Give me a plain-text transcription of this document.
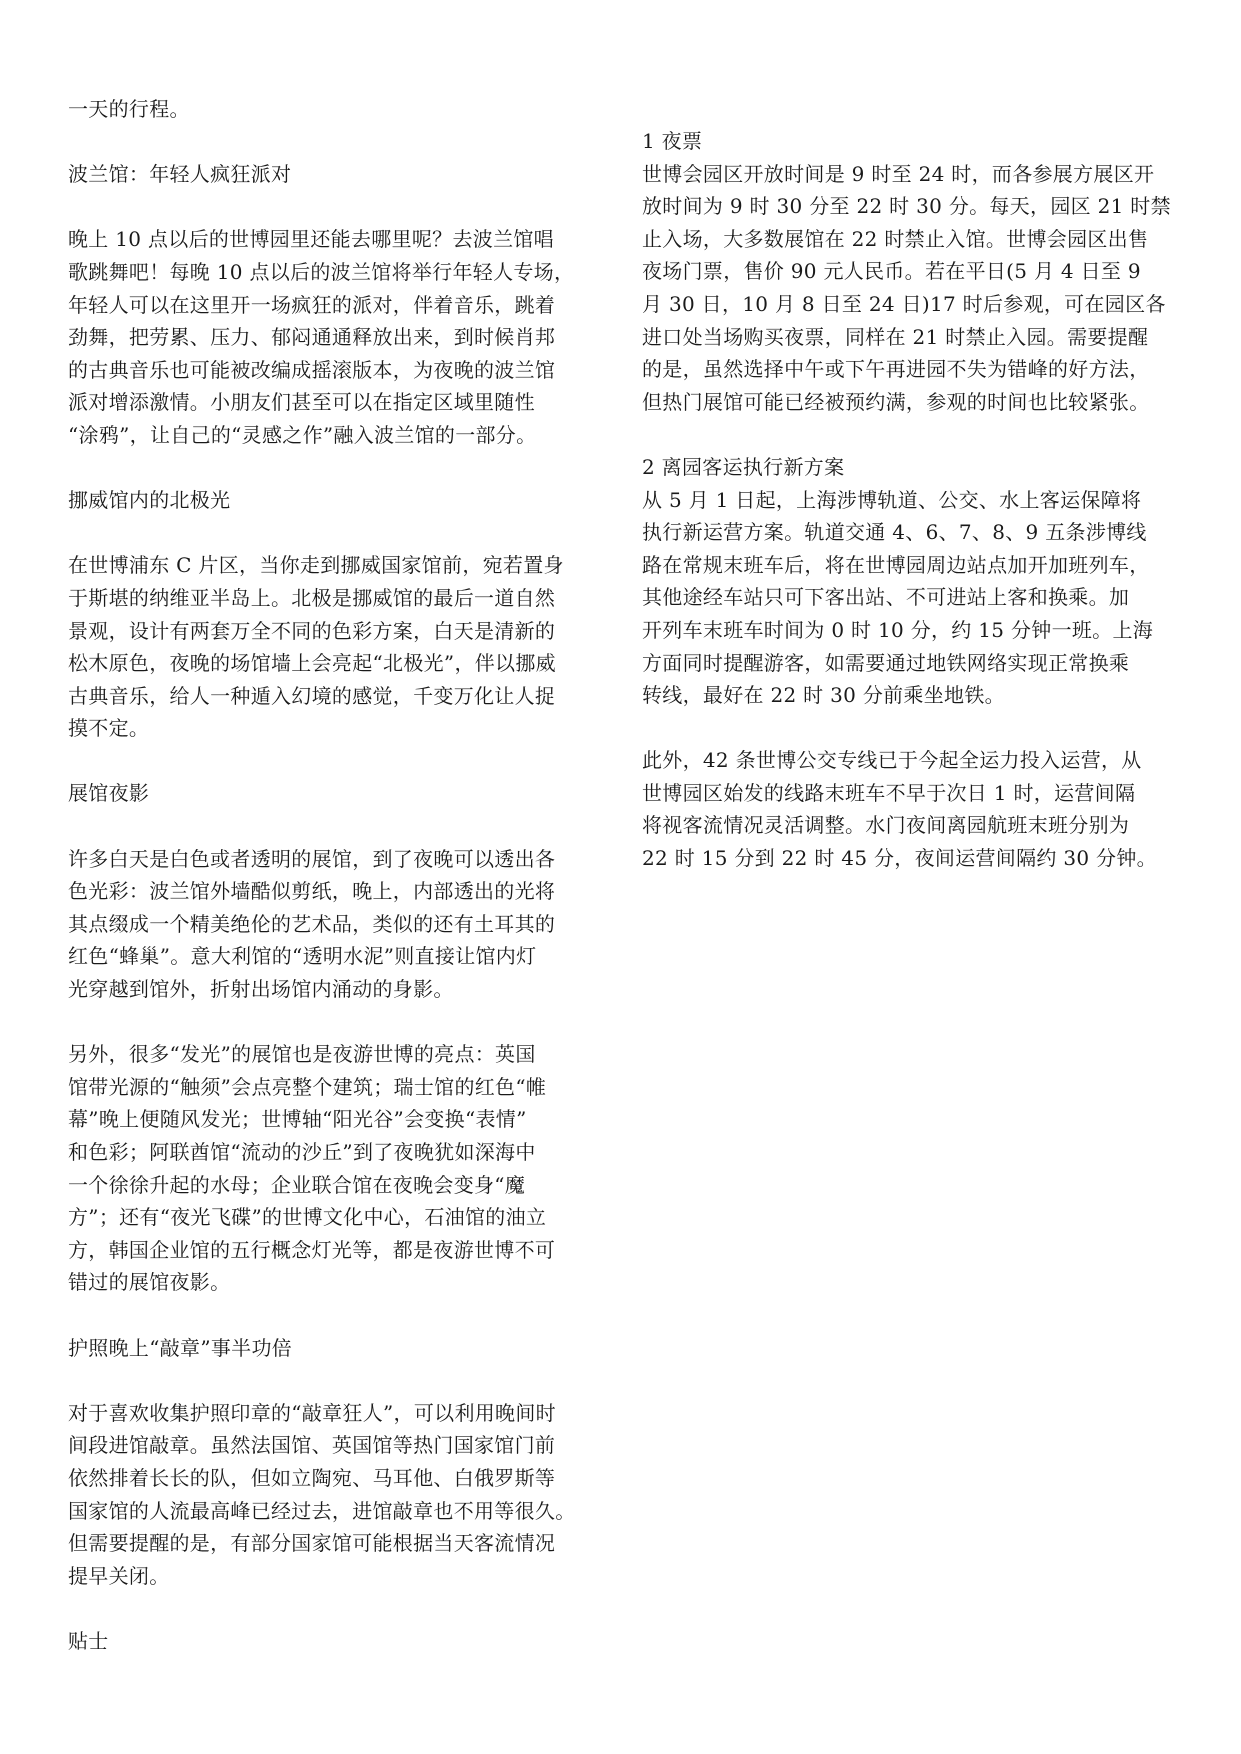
一天的行程。

波兰馆：年轻人疯狂派对

晚上 10 点以后的世博园里还能去哪里呢？去波兰馆唱

歌跳舞吧！每晚 10 点以后的波兰馆将举行年轻人专场，

年轻人可以在这里开一场疯狂的派对，伴着音乐，跳着

劲舞，把劳累、压力、郁闷通通释放出来，到时候肖邦

的古典音乐也可能被改编成摇滚版本，为夜晚的波兰馆

派对增添激情。小朋友们甚至可以在指定区域里随性

“涂鸦”，让自己的“灵感之作”融入波兰馆的一部分。

挪威馆内的北极光

在世博浦东 C 片区，当你走到挪威国家馆前，宛若置身

于斯堪的纳维亚半岛上。北极是挪威馆的最后一道自然

景观，设计有两套万全不同的色彩方案，白天是清新的

松木原色，夜晚的场馆墙上会亮起“北极光”，伴以挪威

古典音乐，给人一种遁入幻境的感觉，千变万化让人捉

摸不定。

展馆夜影

许多白天是白色或者透明的展馆，到了夜晚可以透出各

色光彩：波兰馆外墙酷似剪纸，晚上，内部透出的光将

其点缀成一个精美绝伦的艺术品，类似的还有土耳其的

红色“蜂巢”。意大利馆的“透明水泥”则直接让馆内灯

光穿越到馆外，折射出场馆内涌动的身影。

另外，很多“发光”的展馆也是夜游世博的亮点：英国

馆带光源的“触须”会点亮整个建筑；瑞士馆的红色“帷

幕”晚上便随风发光；世博轴“阳光谷”会变换“表情”

和色彩；阿联酋馆“流动的沙丘”到了夜晚犹如深海中

一个徐徐升起的水母；企业联合馆在夜晚会变身“魔

方”；还有“夜光飞碟”的世博文化中心，石油馆的油立

方，韩国企业馆的五行概念灯光等，都是夜游世博不可

错过的展馆夜影。

护照晚上“敲章”事半功倍

对于喜欢收集护照印章的“敲章狂人”，可以利用晚间时

间段进馆敲章。虽然法国馆、英国馆等热门国家馆门前

依然排着长长的队，但如立陶宛、马耳他、白俄罗斯等

国家馆的人流最高峰已经过去，进馆敲章也不用等很久。

但需要提醒的是，有部分国家馆可能根据当天客流情况

提早关闭。

贴士

1 夜票

世博会园区开放时间是 9 时至 24 时，而各参展方展区开

放时间为 9 时 30 分至 22 时 30 分。每天，园区 21 时禁

止入场，大多数展馆在 22 时禁止入馆。世博会园区出售

夜场门票，售价 90 元人民币。若在平日(5 月 4 日至 9

月 30 日，10 月 8 日至 24 日)17 时后参观，可在园区各

进口处当场购买夜票，同样在 21 时禁止入园。需要提醒

的是，虽然选择中午或下午再进园不失为错峰的好方法，

但热门展馆可能已经被预约满，参观的时间也比较紧张。

2 离园客运执行新方案

从 5 月 1 日起，上海涉博轨道、公交、水上客运保障将

执行新运营方案。轨道交通 4、6、7、8、9 五条涉博线

路在常规末班车后，将在世博园周边站点加开加班列车，

其他途经车站只可下客出站、不可进站上客和换乘。加

开列车末班车时间为 0 时 10 分，约 15 分钟一班。上海

方面同时提醒游客，如需要通过地铁网络实现正常换乘

转线，最好在 22 时 30 分前乘坐地铁。

此外，42 条世博公交专线已于今起全运力投入运营，从

世博园区始发的线路末班车不早于次日 1 时，运营间隔

将视客流情况灵活调整。水门夜间离园航班末班分别为

22 时 15 分到 22 时 45 分，夜间运营间隔约 30 分钟。
